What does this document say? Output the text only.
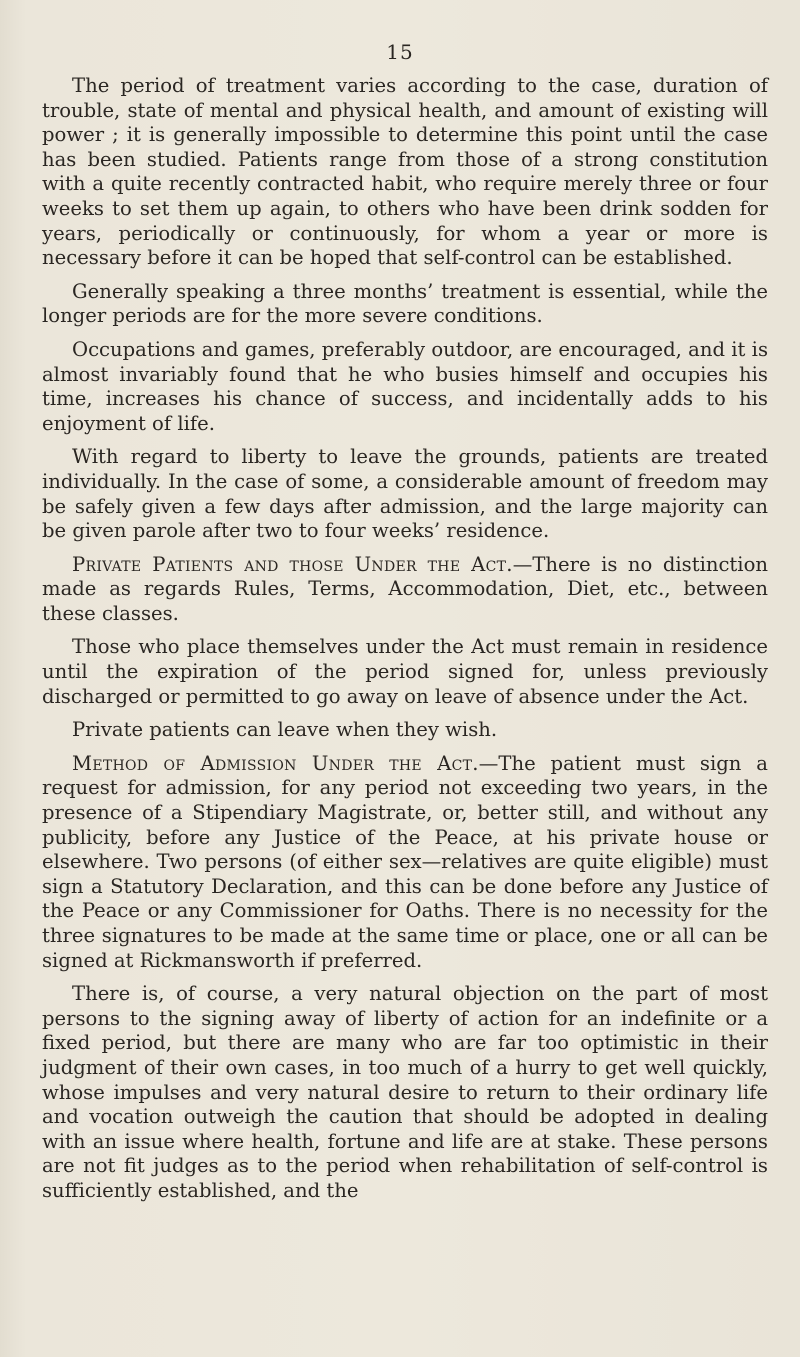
15

The period of treatment varies according to the case, duration of trouble, state of mental and physical health, and amount of existing will power ; it is generally impossible to determine this point until the case has been studied. Patients range from those of a strong constitution with a quite recently contracted habit, who require merely three or four weeks to set them up again, to others who have been drink sodden for years, periodically or continuously, for whom a year or more is necessary before it can be hoped that self-control can be established.

Generally speaking a three months’ treatment is essential, while the longer periods are for the more severe conditions.

Occupations and games, preferably outdoor, are encouraged, and it is almost invariably found that he who busies himself and occupies his time, increases his chance of success, and incidentally adds to his enjoyment of life.

With regard to liberty to leave the grounds, patients are treated individually. In the case of some, a considerable amount of freedom may be safely given a few days after admission, and the large majority can be given parole after two to four weeks’ residence.

Private Patients and those Under the Act.—There is no distinction made as regards Rules, Terms, Accommodation, Diet, etc., between these classes.

Those who place themselves under the Act must remain in residence until the expiration of the period signed for, unless previously discharged or permitted to go away on leave of absence under the Act.

Private patients can leave when they wish.

Method of Admission Under the Act.—The patient must sign a request for admission, for any period not exceeding two years, in the presence of a Stipendiary Magistrate, or, better still, and without any publicity, before any Justice of the Peace, at his private house or elsewhere. Two persons (of either sex—relatives are quite eligible) must sign a Statutory Declaration, and this can be done before any Justice of the Peace or any Commissioner for Oaths. There is no necessity for the three signatures to be made at the same time or place, one or all can be signed at Rickmansworth if preferred.

There is, of course, a very natural objection on the part of most persons to the signing away of liberty of action for an indefinite or a fixed period, but there are many who are far too optimistic in their judgment of their own cases, in too much of a hurry to get well quickly, whose impulses and very natural desire to return to their ordinary life and vocation outweigh the caution that should be adopted in dealing with an issue where health, fortune and life are at stake. These persons are not fit judges as to the period when rehabilitation of self-control is sufficiently established, and the
